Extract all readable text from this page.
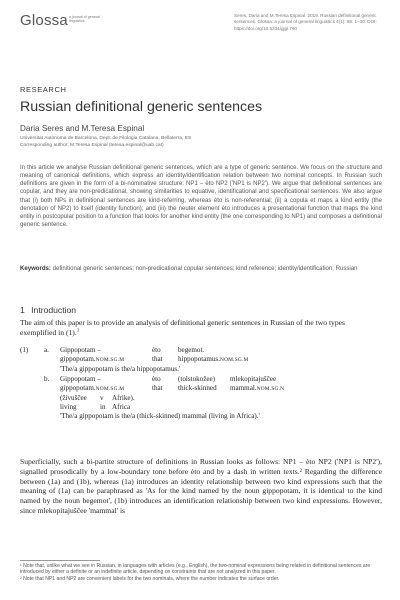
Glossa a journal of general linguistics
Seres, Daria and M.Teresa Espinal. 2019. Russian definitional generic sentences. Glossa: a journal of general linguistics 4(1): 59. 1–30. DOI: https://doi.org/10.5334/gjgl.760
RESEARCH
Russian definitional generic sentences
Daria Seres and M.Teresa Espinal
Universitat Autònoma de Barcelona, Dept. de Filologia Catalana, Bellaterra, ES
Corresponding author: M.Teresa Espinal (teresa.espinal@uab.cat)
In this article we analyse Russian definitional generic sentences, which are a type of generic sentence. We focus on the structure and meaning of canonical definitions, which express an identity/identification relation between two nominal concepts. In Russian such definitions are given in the form of a bi-nominative structure: NP1 – èto NP2 ('NP1 is NP2'). We argue that definitional sentences are copular, and they are non-predicational, showing similarities to equative, identificational and specificational sentences. We also argue that (i) both NPs in definitional sentences are kind-referring, whereas èto is non-referential; (ii) a copula et maps a kind entity (the denotation of NP2) to itself (identity function); and (iii) the neuter element èto introduces a presentational function that maps the kind entity in postcopular position to a function that looks for another kind entity (the one corresponding to NP1) and composes a definitional generic sentence.
Keywords: definitional generic sentences; non-predicational copular sentences; kind reference; identity/identification; Russian
1 Introduction
The aim of this paper is to provide an analysis of definitional generic sentences in Russian of the two types exemplified in (1).$^1$
(1) a. Gippopotam –	èto begemot.
gippopotam.NOM.SG.M	that hippopotamus.NOM.SG.M
'The/a gippopotam is the/a hippopotamus.'
b. Gippopotam –	èto (tolstokožee) mlekopitajuščee
gippopotam.NOM.SG.M	that thick-skinned mammal.NOM.SG.N
(živuščee v Afrike).
living	in Africa
'The/a gippopotam is the/a (thick-skinned) mammal (living in Africa).'
Superficially, such a bi-partite structure of definitions in Russian looks as follows: NP1 – èto NP2 ('NP1 is NP2'), signalled prosodically by a low-boundary tone before èto and by a dash in written texts.² Regarding the difference between (1a) and (1b), whereas (1a) introduces an identity relationship between two kind expressions such that the meaning of (1a) can be paraphrased as 'As for the kind named by the noun gippopotam, it is identical to the kind named by the noun begemot', (1b) introduces an identification relationship between two kind expressions. However, since mlekopitajuščee 'mammal' is
¹ Note that, unlike what we see in Russian, in languages with articles (e.g., English), the two-nominal expressions being related in definitional sentences are introduced by either a definite or an indefinite article, depending on constraints that are not analyzed in this paper.
² Note that NP1 and NP2 are convenient labels for the two nominals, where the number indicates the surface order.
